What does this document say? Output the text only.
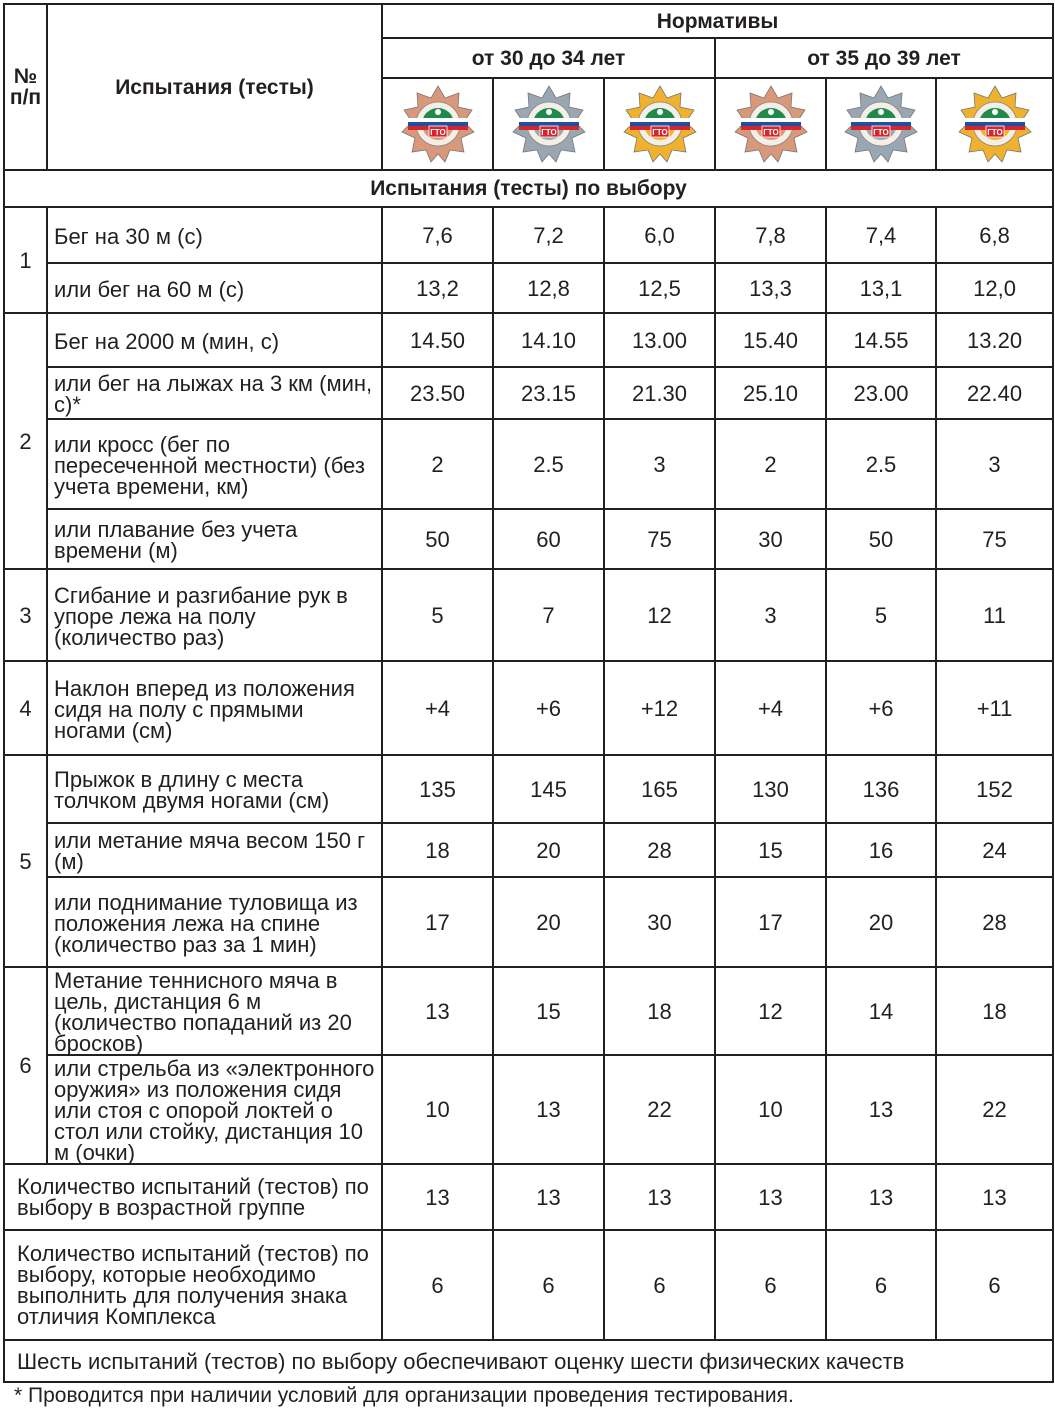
№ п/п	Испытания (тесты)	Нормативы					
		от 30 до 34 лет			от 35 до 39 лет		

ГТО	ГТО	ГТО	ГТО	ГТО	ГТО

Испытания (тесты) по выбору							
1	Бег на 30 м (с)	7,6	7,2	6,0	7,8	7,4	6,8
	или бег на 60 м (с)	13,2	12,8	12,5	13,3	13,1	12,0
2	Бег на 2000 м (мин, с)	14.50	14.10	13.00	15.40	14.55	13.20
	или бег на лыжах на 3 км (мин, с)*	23.50	23.15	21.30	25.10	23.00	22.40
	или кросс (бег по пересеченной местности) (без учета времени, км)	2	2.5	3	2	2.5	3
	или плавание без учета времени (м)	50	60	75	30	50	75
3	Сгибание и разгибание рук в упоре лежа на полу (количество раз)	5	7	12	3	5	11
4	Наклон вперед из положения сидя на полу с прямыми ногами (см)	+4	+6	+12	+4	+6	+11
5	Прыжок в длину с места толчком двумя ногами (см)	135	145	165	130	136	152
	или метание мяча весом 150 г (м)	18	20	28	15	16	24
	или поднимание туловища из положения лежа на спине (количество раз за 1 мин)	17	20	30	17	20	28
6	Метание теннисного мяча в цель, дистанция 6 м (количество попаданий из 20 бросков)	13	15	18	12	14	18
	или стрельба из «электронного оружия» из положения сидя или стоя с опорой локтей о стол или стойку, дистанция 10 м (очки)	10	13	22	10	13	22
Количество испытаний (тестов) по выбору в возрастной группе		13	13	13	13	13	13
Количество испытаний (тестов) по выбору, которые необходимо выполнить для получения знака отличия Комплекса		6	6	6	6	6	6
Шесть испытаний (тестов) по выбору обеспечивают оценку шести физических качеств							
* Проводится при наличии условий для организации проведения тестирования.
